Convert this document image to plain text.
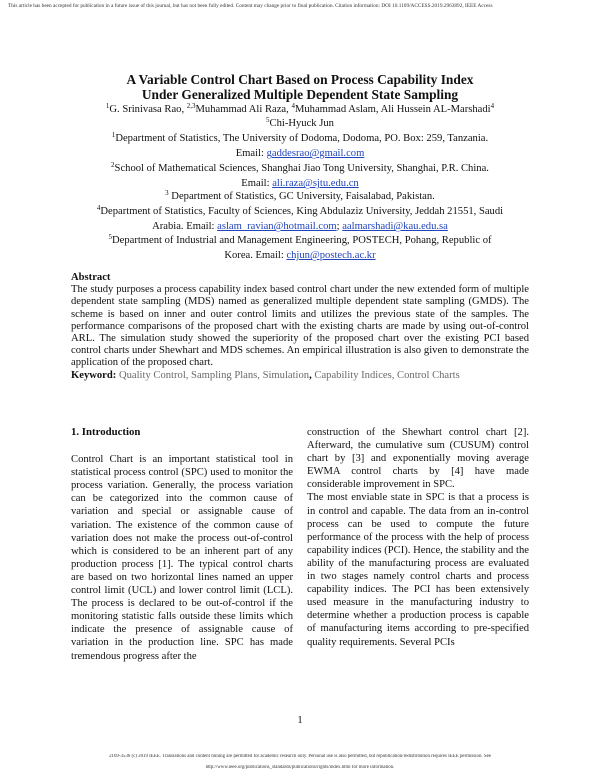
This article has been accepted for publication in a future issue of this journal, but has not been fully edited. Content may change prior to final publication. Citation information: DOI 10.1109/ACCESS.2019.2963892, IEEE Access
A Variable Control Chart Based on Process Capability Index
Under Generalized Multiple Dependent State Sampling
$^1$G. Srinivasa Rao, $^{2,3}$Muhammad Ali Raza, $^4$Muhammad Aslam, Ali Hussein AL-Marshadi$^4$
$^5$Chi-Hyuck Jun
$^1$Department of Statistics, The University of Dodoma, Dodoma, PO. Box: 259, Tanzania.
Email: gaddesrao@gmail.com
$^2$School of Mathematical Sciences, Shanghai Jiao Tong University, Shanghai, P.R. China.
Email: ali.raza@sjtu.edu.cn
$^3$ Department of Statistics, GC University, Faisalabad, Pakistan.
$^4$Department of Statistics, Faculty of Sciences, King Abdulaziz University, Jeddah 21551, Saudi
Arabia. Email: aslam_ravian@hotmail.com; aalmarshadi@kau.edu.sa
$^5$Department of Industrial and Management Engineering, POSTECH, Pohang, Republic of
Korea. Email: chjun@postech.ac.kr
Abstract
The study purposes a process capability index based control chart under the new extended form of multiple dependent state sampling (MDS) named as generalized multiple dependent state sampling (GMDS). The scheme is based on inner and outer control limits and utilizes the previous state of the samples. The performance comparisons of the proposed chart with the existing charts are made by using out-of-control ARL. The simulation study showed the superiority of the proposed chart over the existing PCI based control charts under Shewhart and MDS schemes. An empirical illustration is also given to demonstrate the application of the proposed chart.
Keyword: Quality Control, Sampling Plans, Simulation, Capability Indices, Control Charts
1. Introduction

Control Chart is an important statistical tool in statistical process control (SPC) used to monitor the process variation. Generally, the process variation can be categorized into the common cause of variation and special or assignable cause of variation. The existence of the common cause of variation does not make the process out-of-control which is considered to be an inherent part of any production process [1]. The typical control charts are based on two horizontal lines named an upper control limit (UCL) and lower control limit (LCL). The process is declared to be out-of-control if the monitoring statistic falls outside these limits which indicate the presence of assignable cause of variation in the production line. SPC has made tremendous progress after the

construction of the Shewhart control chart [2]. Afterward, the cumulative sum (CUSUM) control chart by [3] and exponentially moving average EWMA control charts by [4] have made considerable improvement in SPC.

The most enviable state in SPC is that a process is in control and capable. The data from an in-control process can be used to compute the future performance of the process with the help of process capability indices (PCI). Hence, the stability and the ability of the manufacturing process are evaluated in two stages namely control charts and process capability indices. The PCI has been extensively used measure in the manufacturing industry to determine whether a production process is capable of manufacturing items according to pre-specified quality requirements. Several PCIs

1
2169-3536 (c) 2019 IEEE. Translations and content mining are permitted for academic research only. Personal use is also permitted, but republication/redistribution requires IEEE permission. See
http://www.ieee.org/publications_standards/publications/rights/index.html for more information.
